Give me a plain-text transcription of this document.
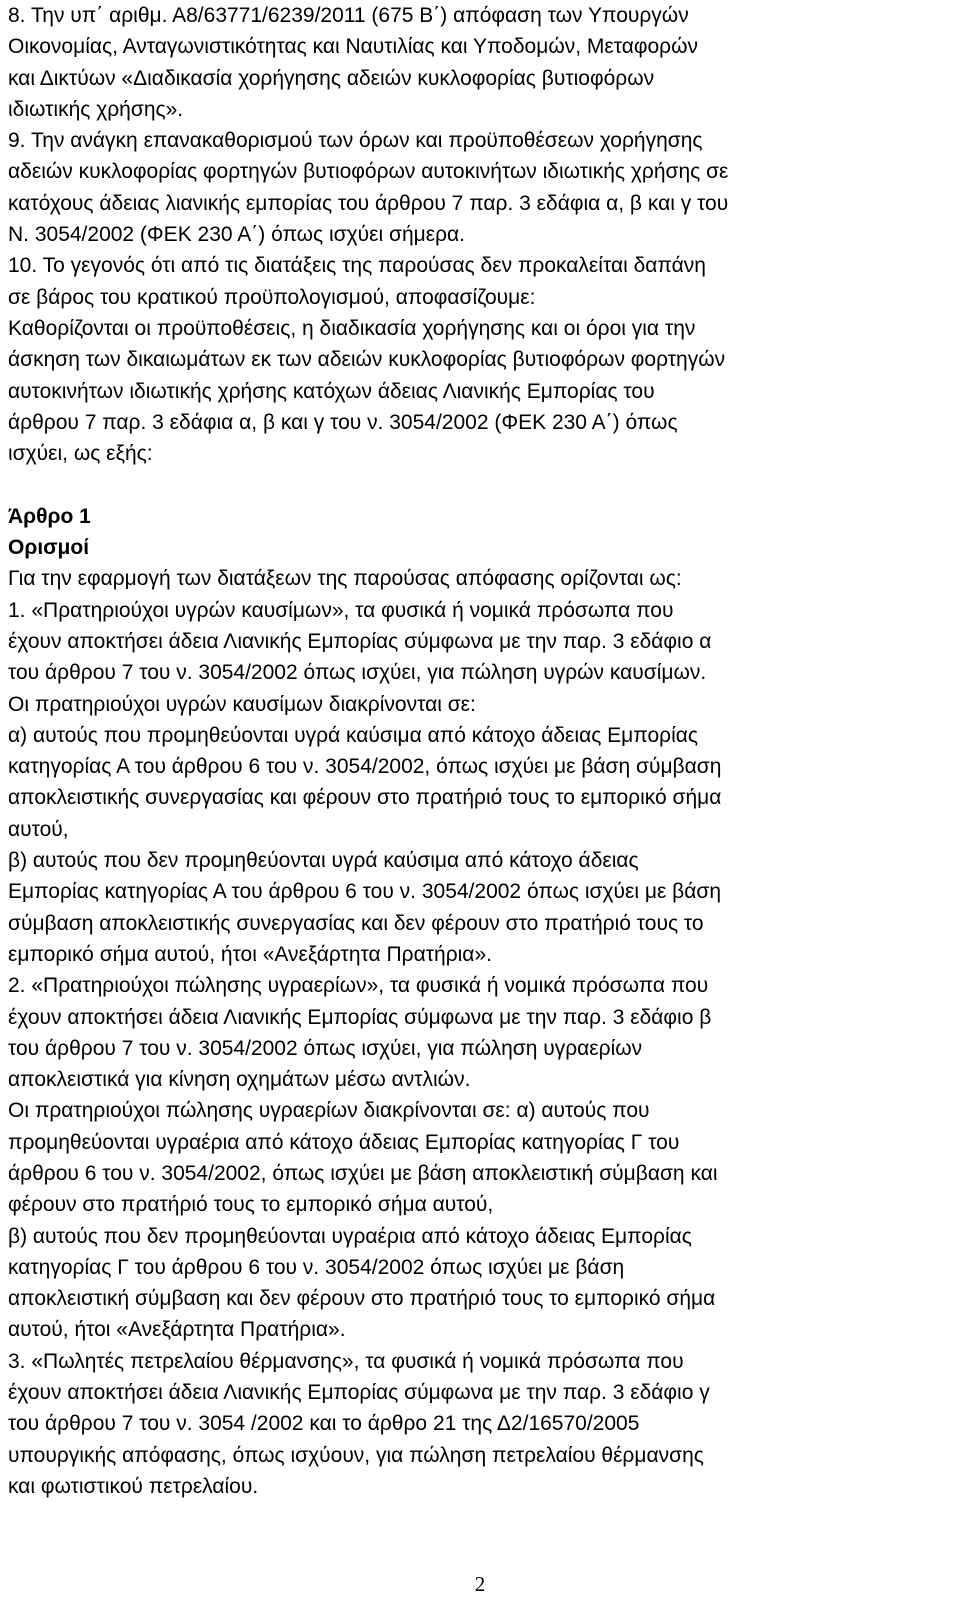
8. Την υπ΄ αριθμ. Α8/63771/6239/2011 (675 Β΄) απόφαση των Υπουργών

Οικονομίας, Ανταγωνιστικότητας και Ναυτιλίας και Υποδομών, Μεταφορών

και Δικτύων «Διαδικασία χορήγησης αδειών κυκλοφορίας βυτιοφόρων

ιδιωτικής χρήσης».

9. Την ανάγκη επανακαθορισμού των όρων και προϋποθέσεων χορήγησης

αδειών κυκλοφορίας φορτηγών βυτιοφόρων αυτοκινήτων ιδιωτικής χρήσης σε

κατόχους άδειας λιανικής εμπορίας του άρθρου 7 παρ. 3 εδάφια α, β και γ του

Ν. 3054/2002 (ΦΕΚ 230 Α΄) όπως ισχύει σήμερα.

10. Το γεγονός ότι από τις διατάξεις της παρούσας δεν προκαλείται δαπάνη

σε βάρος του κρατικού προϋπολογισμού, αποφασίζουμε:

Καθορίζονται οι προϋποθέσεις, η διαδικασία χορήγησης και οι όροι για την

άσκηση των δικαιωμάτων εκ των αδειών κυκλοφορίας βυτιοφόρων φορτηγών

αυτοκινήτων ιδιωτικής χρήσης κατόχων άδειας Λιανικής Εμπορίας του

άρθρου 7 παρ. 3 εδάφια α, β και γ του ν. 3054/2002 (ΦΕΚ 230 Α΄) όπως

ισχύει, ως εξής:

Άρθρο 1

Ορισμοί

Για την εφαρμογή των διατάξεων της παρούσας απόφασης ορίζονται ως:

1. «Πρατηριούχοι υγρών καυσίμων», τα φυσικά ή νομικά πρόσωπα που

έχουν αποκτήσει άδεια Λιανικής Εμπορίας σύμφωνα με την παρ. 3 εδάφιο α

του άρθρου 7 του ν. 3054/2002 όπως ισχύει, για πώληση υγρών καυσίμων.

Οι πρατηριούχοι υγρών καυσίμων διακρίνονται σε:

α) αυτούς που προμηθεύονται υγρά καύσιμα από κάτοχο άδειας Εμπορίας

κατηγορίας Α του άρθρου 6 του ν. 3054/2002, όπως ισχύει με βάση σύμβαση

αποκλειστικής συνεργασίας και φέρουν στο πρατήριό τους το εμπορικό σήμα

αυτού,

β) αυτούς που δεν προμηθεύονται υγρά καύσιμα από κάτοχο άδειας

Εμπορίας κατηγορίας Α του άρθρου 6 του ν. 3054/2002 όπως ισχύει με βάση

σύμβαση αποκλειστικής συνεργασίας και δεν φέρουν στο πρατήριό τους το

εμπορικό σήμα αυτού, ήτοι «Ανεξάρτητα Πρατήρια».

2. «Πρατηριούχοι πώλησης υγραερίων», τα φυσικά ή νομικά πρόσωπα που

έχουν αποκτήσει άδεια Λιανικής Εμπορίας σύμφωνα με την παρ. 3 εδάφιο β

του άρθρου 7 του ν. 3054/2002 όπως ισχύει, για πώληση υγραερίων

αποκλειστικά για κίνηση οχημάτων μέσω αντλιών.

Οι πρατηριούχοι πώλησης υγραερίων διακρίνονται σε: α) αυτούς που

προμηθεύονται υγραέρια από κάτοχο άδειας Εμπορίας κατηγορίας Γ του

άρθρου 6 του ν. 3054/2002, όπως ισχύει με βάση αποκλειστική σύμβαση και

φέρουν στο πρατήριό τους το εμπορικό σήμα αυτού,

β) αυτούς που δεν προμηθεύονται υγραέρια από κάτοχο άδειας Εμπορίας

κατηγορίας Γ του άρθρου 6 του ν. 3054/2002 όπως ισχύει με βάση

αποκλειστική σύμβαση και δεν φέρουν στο πρατήριό τους το εμπορικό σήμα

αυτού, ήτοι «Ανεξάρτητα Πρατήρια».

3. «Πωλητές πετρελαίου θέρμανσης», τα φυσικά ή νομικά πρόσωπα που

έχουν αποκτήσει άδεια Λιανικής Εμπορίας σύμφωνα με την παρ. 3 εδάφιο γ

του άρθρου 7 του ν. 3054 /2002 και το άρθρο 21 της Δ2/16570/2005

υπουργικής απόφασης, όπως ισχύουν, για πώληση πετρελαίου θέρμανσης

και φωτιστικού πετρελαίου.

2
